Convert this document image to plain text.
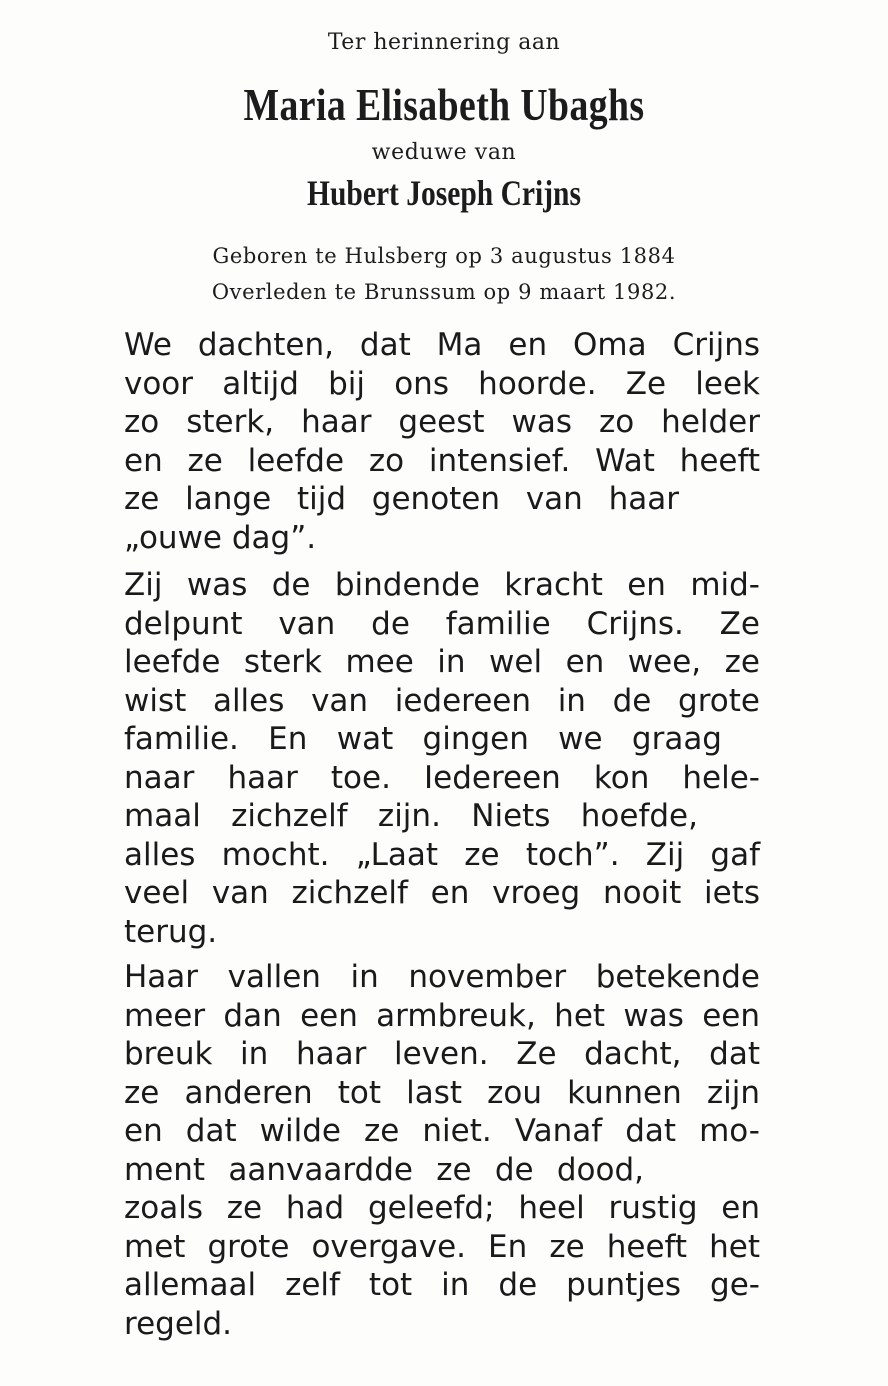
Ter herinnering aan
Maria Elisabeth Ubaghs
weduwe van
Hubert Joseph Crijns
Geboren te Hulsberg op 3 augustus 1884
Overleden te Brunssum op 9 maart 1982.
We dachten, dat Ma en Oma Crijns
voor altijd bij ons hoorde. Ze leek
zo sterk, haar geest was zo helder
en ze leefde zo intensief. Wat heeft
ze lange tijd genoten van haar
„ouwe dag”.
Zij was de bindende kracht en mid-
delpunt van de familie Crijns. Ze
leefde sterk mee in wel en wee, ze
wist alles van iedereen in de grote
familie. En wat gingen we graag
naar haar toe. Iedereen kon hele-
maal zichzelf zijn. Niets hoefde,
alles mocht. „Laat ze toch”. Zij gaf
veel van zichzelf en vroeg nooit iets
terug.
Haar vallen in november betekende
meer dan een armbreuk, het was een
breuk in haar leven. Ze dacht, dat
ze anderen tot last zou kunnen zijn
en dat wilde ze niet. Vanaf dat mo-
ment aanvaardde ze de dood,
zoals ze had geleefd; heel rustig en
met grote overgave. En ze heeft het
allemaal zelf tot in de puntjes ge-
regeld.
